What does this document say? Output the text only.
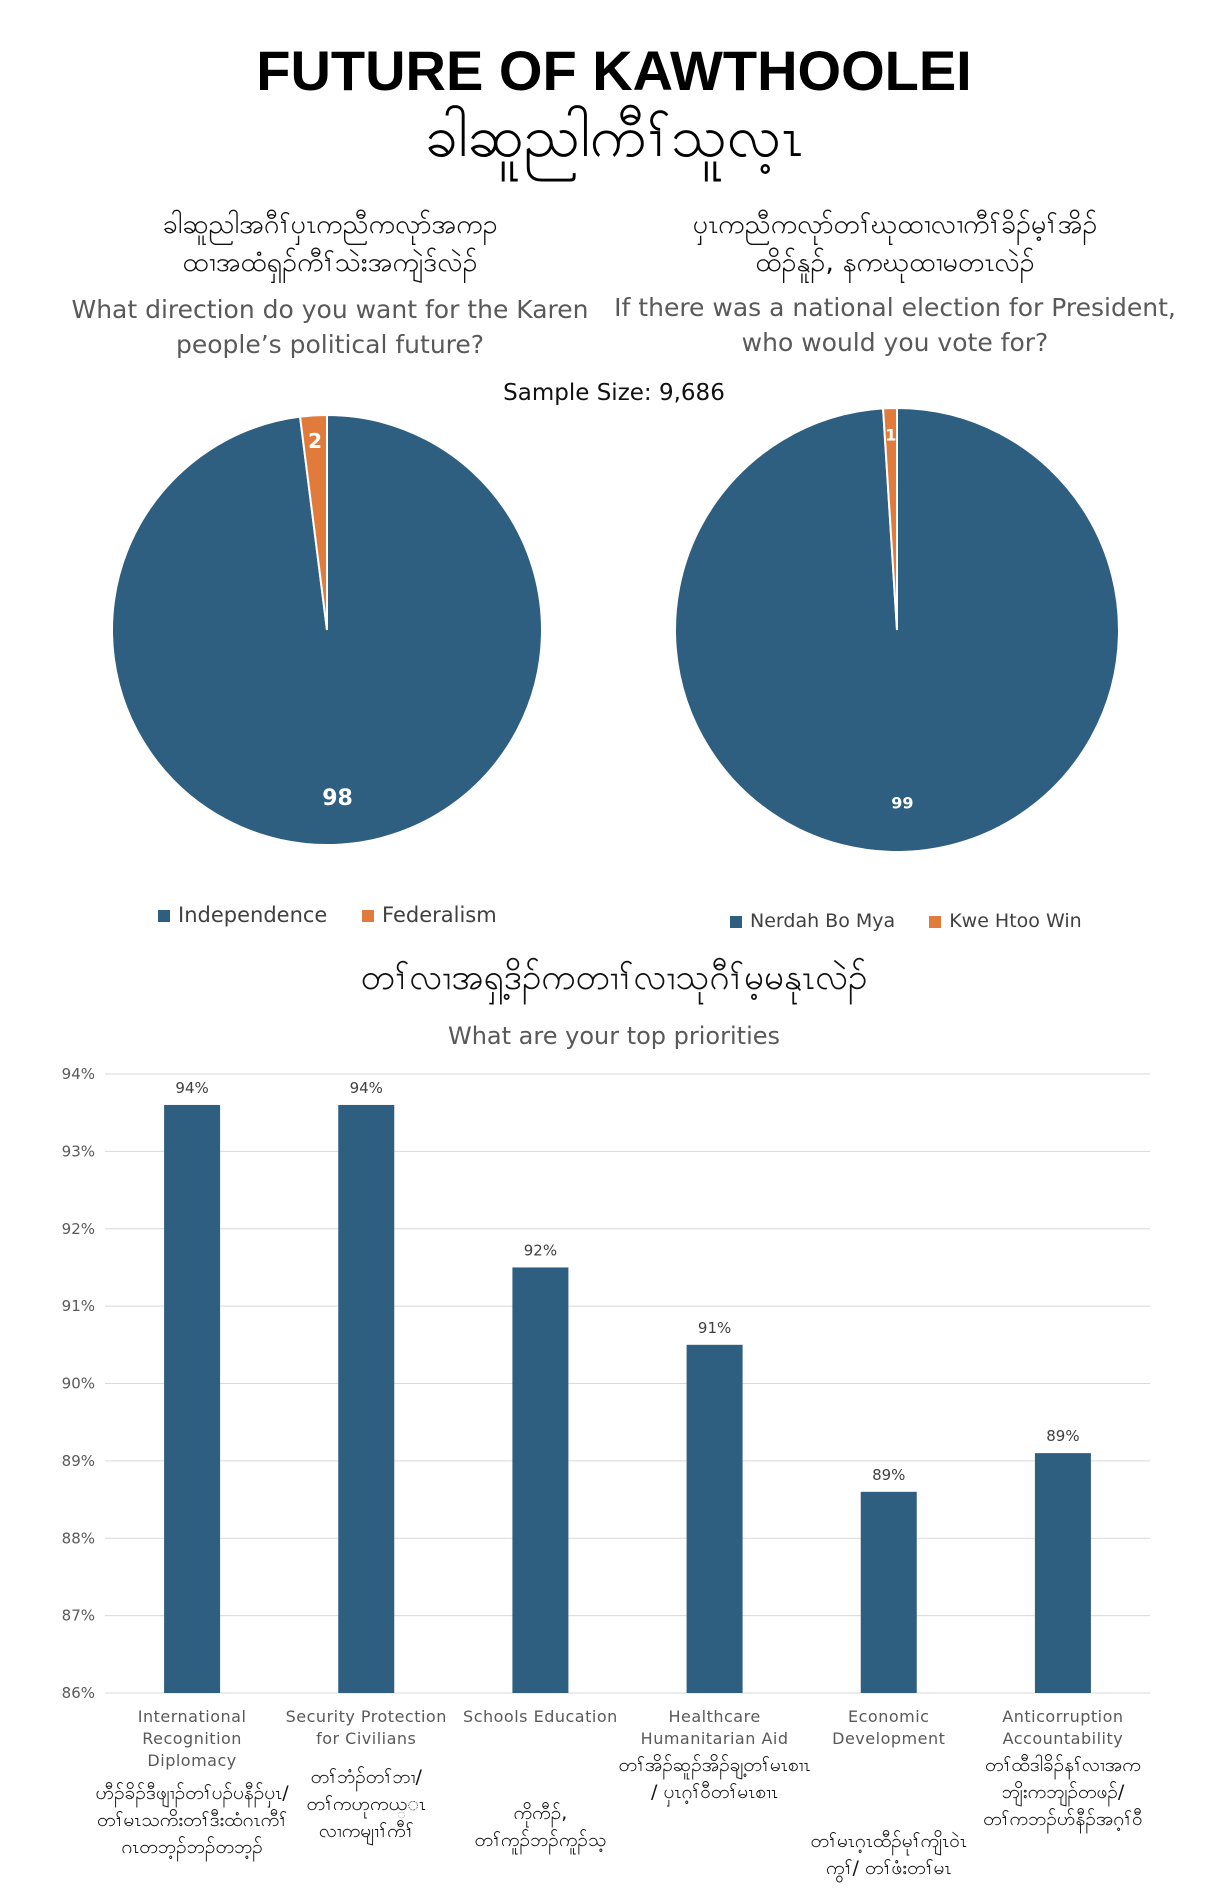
FUTURE OF KAWTHOOLEI
ခါဆူညါကီၢ်သူလ့ၤ
ခါဆူညါအဂီၢ်ပှၤကညီကလုာ်အကၣ
ထၢအထံရှၣ်ကီၢ်သဲးအကျဲဒ်လဲၣ်
What direction do you want for the Karen
people’s political future?
ပှၤကညီကလုာ်တၢ်ဃုထၢလၢကီၢ်ခိၣ်မ့ၢ်အိၣ်
ထိၣ်နူၣ်, နကဃုထၢမတၤလဲၣ်
If there was a national election for President,
who would you vote for?
Sample Size: 9,686
98
2
99
1
Independence	Federalism	Nerdah Bo Mya	Kwe Htoo Win
တၢ်လၢအရှ့ဒိၣ်ကတၢၢ်လၢသုဂီၢ်မ့မနုၤလဲၣ်
What are your top priorities
86%
87%
88%
89%
90%
91%
92%
93%
94%
94%	94%
92%
91%
89%
89%
International
Recognition
Diplomacy
Security Protection
for Civilians
Schools Education	Healthcare
Humanitarian Aid
Economic
Development
Anticorruption
Accountability
ဟီၣ်ခိၣ်ဒီဖျၢၣ်တၢ်ပၣ်ပနီၣ်ပှၤ/
တၢ်မၤသကိးတၢ်ဒီးထံဂၤကီၢ်
ဂၤတဘ့ၣ်ဘၣ်တဘ့ၣ်
တၢ်ဘံၣ်တၢ်ဘၢ/
တၢ်ကဟုကယ္ၤ
လၢကမျၢၢ်ကီၢ်
ကိုကီၣ်,
တၢ်ကူၣ်ဘၣ်ကူၣ်သ့
တၢ်အိၣ်ဆူၣ်အိၣ်ချ့တၢ်မၤစၢၤ
/ ပှၤဂ့ၢ်ဝီတၢ်မၤစၢၤ
တၢ်မၤဂ့ၤထီၣ်မုၢ်ကျိၤဝဲၤ
ကွၢ်/ တၢ်ဖံးတၢ်မၤ
တၢ်ထီဒါခိၣ်နၢ်လၢအက
ဘျိးကဘျၣ်တဖၣ်/
တၢ်ကဘၣ်ဟ်နီၣ်အဂ့ၢ်ဝီ
